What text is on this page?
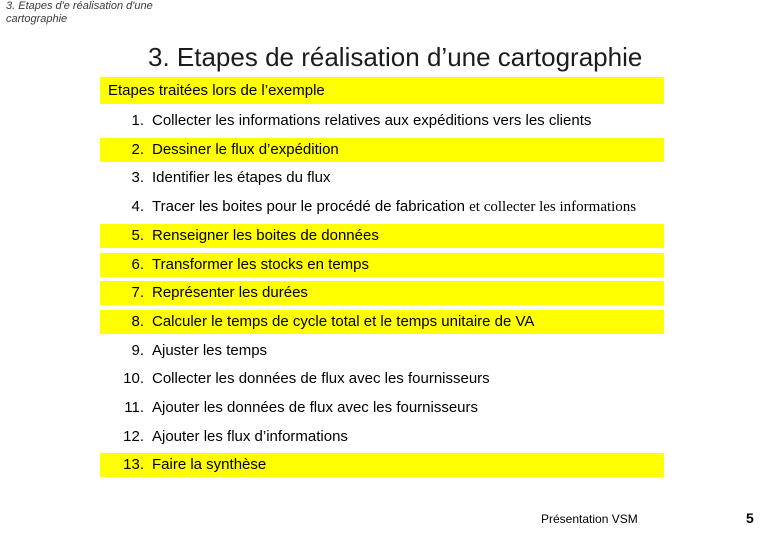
3. Etapes d'e réalisation d'une cartographie
3. Etapes de réalisation d’une cartographie
Etapes traitées lors de l’exemple
1. Collecter les informations relatives aux expéditions vers les clients
2. Dessiner le flux d’expédition
3. Identifier les étapes du flux
4. Tracer les boites pour le procédé de fabrication
et collecter les informations
5. Renseigner les boites de données
6. Transformer les stocks en temps
7. Représenter les durées
8. Calculer le temps de cycle total et le temps unitaire de VA
9. Ajuster les temps
10. Collecter les données de flux avec les fournisseurs
11. Ajouter les données de flux avec les fournisseurs
12. Ajouter les flux d’informations
13. Faire la synthèse
Présentation VSM	5
